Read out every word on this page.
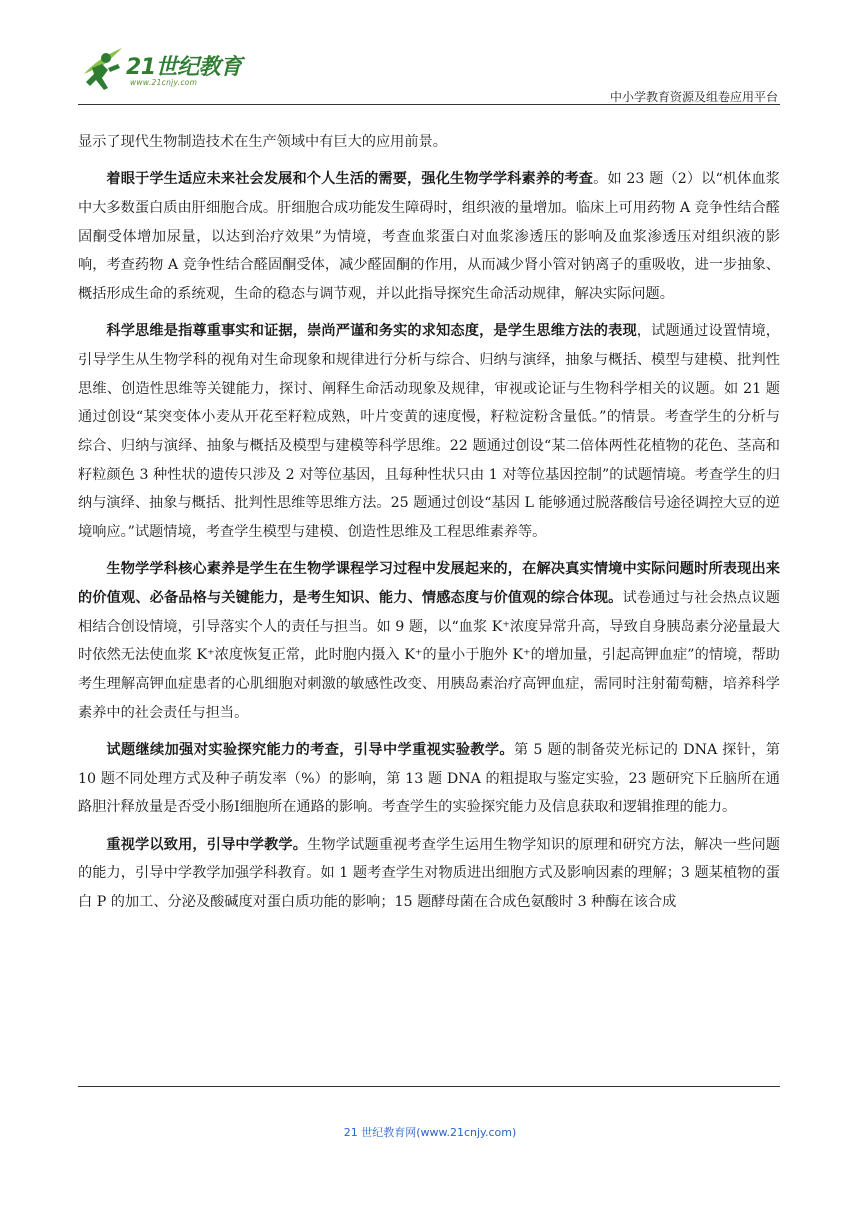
21世纪教育
www.21cnjy.com
中小学教育资源及组卷应用平台

显示了现代生物制造技术在生产领域中有巨大的应用前景。

着眼于学生适应未来社会发展和个人生活的需要，强化生物学学科素养的考查。如 23 题（2）以“机体血浆中大多数蛋白质由肝细胞合成。肝细胞合成功能发生障碍时，组织液的量增加。临床上可用药物 A 竞争性结合醛固酮受体增加尿量，以达到治疗效果”为情境，考查血浆蛋白对血浆渗透压的影响及血浆渗透压对组织液的影响，考查药物 A 竞争性结合醛固酮受体，减少醛固酮的作用，从而减少肾小管对钠离子的重吸收，进一步抽象、概括形成生命的系统观，生命的稳态与调节观，并以此指导探究生命活动规律，解决实际问题。

科学思维是指尊重事实和证据，崇尚严谨和务实的求知态度，是学生思维方法的表现，试题通过设置情境，引导学生从生物学科的视角对生命现象和规律进行分析与综合、归纳与演绎，抽象与概括、模型与建模、批判性思维、创造性思维等关键能力，探讨、阐释生命活动现象及规律，审视或论证与生物科学相关的议题。如 21 题通过创设“某突变体小麦从开花至籽粒成熟，叶片变黄的速度慢，籽粒淀粉含量低。”的情景。考查学生的分析与综合、归纳与演绎、抽象与概括及模型与建模等科学思维。22 题通过创设“某二倍体两性花植物的花色、茎高和籽粒颜色 3 种性状的遗传只涉及 2 对等位基因，且每种性状只由 1 对等位基因控制”的试题情境。考查学生的归纳与演绎、抽象与概括、批判性思维等思维方法。25 题通过创设“基因 L 能够通过脱落酸信号途径调控大豆的逆境响应。”试题情境，考查学生模型与建模、创造性思维及工程思维素养等。

生物学学科核心素养是学生在生物学课程学习过程中发展起来的，在解决真实情境中实际问题时所表现出来的价值观、必备品格与关键能力，是考生知识、能力、情感态度与价值观的综合体现。试卷通过与社会热点议题相结合创设情境，引导落实个人的责任与担当。如 9 题，以“血浆 K⁺浓度异常升高，导致自身胰岛素分泌量最大时依然无法使血浆 K⁺浓度恢复正常，此时胞内摄入 K⁺的量小于胞外 K⁺的增加量，引起高钾血症”的情境，帮助考生理解高钾血症患者的心肌细胞对刺激的敏感性改变、用胰岛素治疗高钾血症，需同时注射葡萄糖，培养科学素养中的社会责任与担当。

试题继续加强对实验探究能力的考查，引导中学重视实验教学。第 5 题的制备荧光标记的 DNA 探针，第 10 题不同处理方式及种子萌发率（%）的影响，第 13 题 DNA 的粗提取与鉴定实验，23 题研究下丘脑所在通路胆汁释放量是否受小肠I细胞所在通路的影响。考查学生的实验探究能力及信息获取和逻辑推理的能力。

重视学以致用，引导中学教学。生物学试题重视考查学生运用生物学知识的原理和研究方法，解决一些问题的能力，引导中学教学加强学科教育。如 1 题考查学生对物质进出细胞方式及影响因素的理解；3 题某植物的蛋白 P 的加工、分泌及酸碱度对蛋白质功能的影响；15 题酵母菌在合成色氨酸时 3 种酶在该合成

21 世纪教育网(www.21cnjy.com)
